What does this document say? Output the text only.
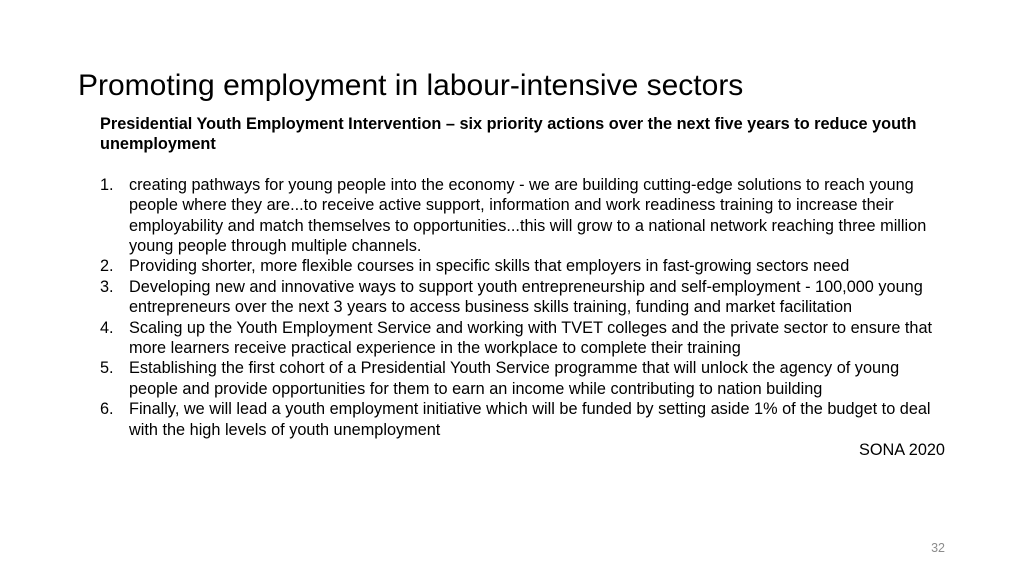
Promoting employment in labour-intensive sectors

Presidential Youth Employment Intervention – six priority actions over the next five years to reduce youth unemployment

1. creating pathways for young people into the economy - we are building cutting-edge solutions to reach young people where they are...to receive active support, information and work readiness training to increase their employability and match themselves to opportunities...this will grow to a national network reaching three million young people through multiple channels.
2. Providing shorter, more flexible courses in specific skills that employers in fast-growing sectors need
3. Developing new and innovative ways to support youth entrepreneurship and self-employment - 100,000 young entrepreneurs over the next 3 years to access business skills training, funding and market facilitation
4. Scaling up the Youth Employment Service and working with TVET colleges and the private sector to ensure that more learners receive practical experience in the workplace to complete their training
5. Establishing the first cohort of a Presidential Youth Service programme that will unlock the agency of young people and provide opportunities for them to earn an income while contributing to nation building
6. Finally, we will lead a youth employment initiative which will be funded by setting aside 1% of the budget to deal with the high levels of youth unemployment
SONA 2020
32
